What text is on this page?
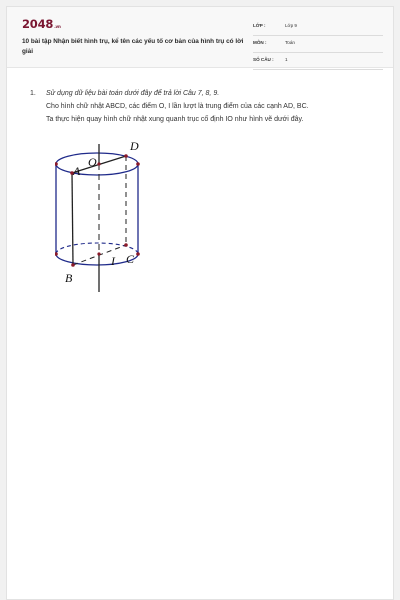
2048.vn
10 bài tập Nhận biết hình trụ, kể tên các yếu tố cơ bản của hình trụ có lời giải
LỚP :	Lớp 9
MÔN :	Toán
SỐ CÂU : 1
1. Sử dụng dữ liệu bài toán dưới đây để trả lời Câu 7, 8, 9.
Cho hình chữ nhật ABCD, các điểm O, I lần lượt là trung điểm của các cạnh AD, BC.
Ta thực hiện quay hình chữ nhật xung quanh trục cố định IO như hình vẽ dưới đây.
D
O
A
I C
B
